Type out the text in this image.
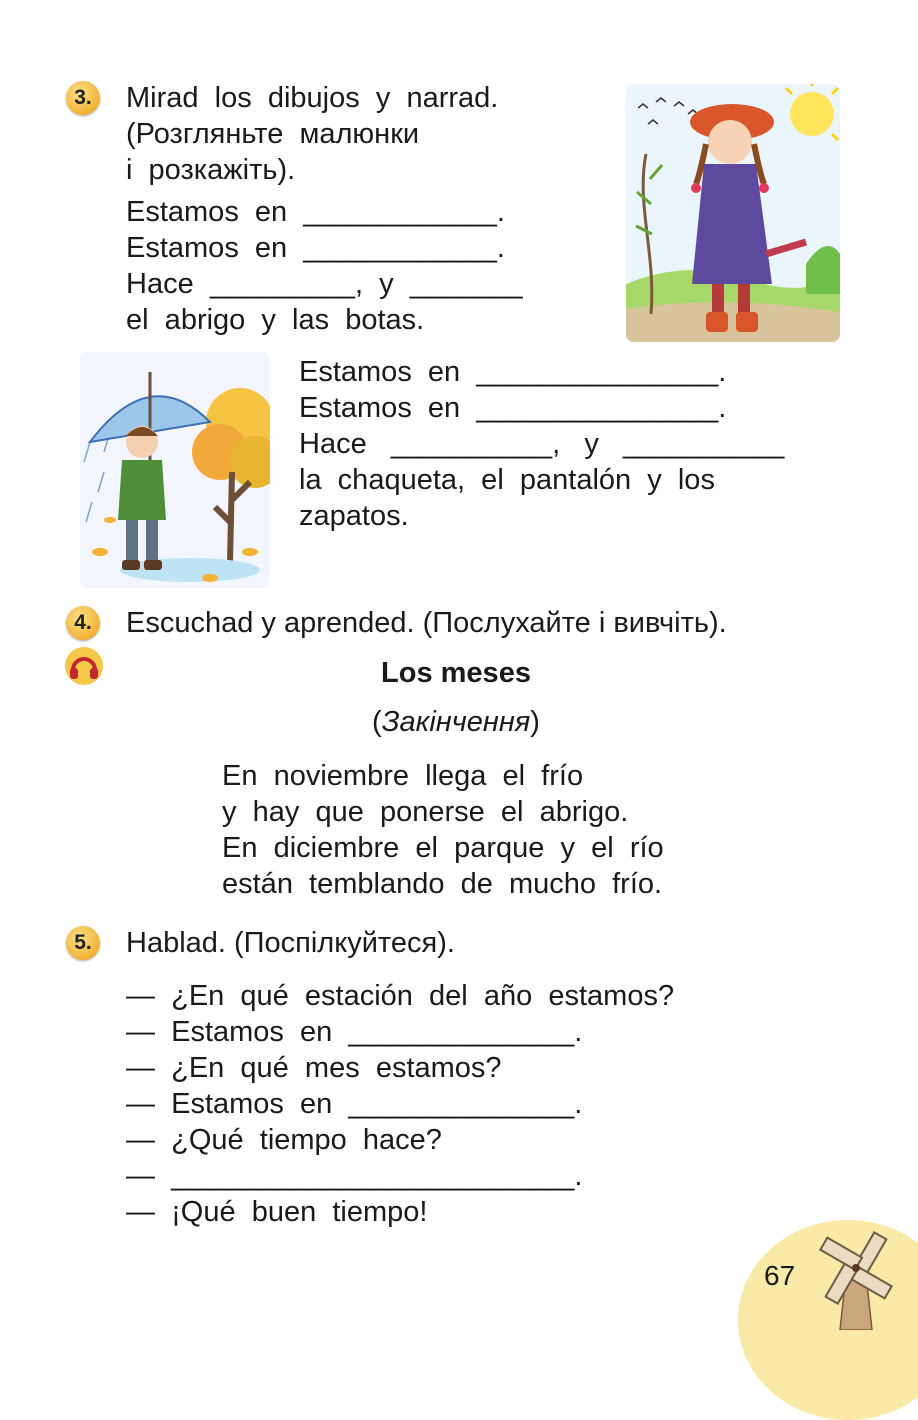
3. Mirad  los  dibujos  y  narrad.
(Розгляньте  малюнки
і  розкажіть).
Estamos  en  ____________.
Estamos  en  ____________.
Hace  _________,  y  _______
el  abrigo  y  las  botas.
Estamos  en  _______________.
Estamos  en  _______________.
Hace   __________,   y   __________
la  chaqueta,  el  pantalón  y  los
zapatos.
4. Escuchad y aprended. (Послухайте і вивчіть).
Los meses
(Закінчення)
En  noviembre  llega  el  frío
y  hay  que  ponerse  el  abrigo.
En  diciembre  el  parque  y  el  río
están  temblando  de  mucho  frío.
5. Hablad. (Поспілкуйтеся).
—  ¿En  qué  estación  del  año  estamos?
—  Estamos  en  ______________.
—  ¿En  qué  mes  estamos?
—  Estamos  en  ______________.
—  ¿Qué  tiempo  hace?
—  _________________________.
—  ¡Qué  buen  tiempo!
67
